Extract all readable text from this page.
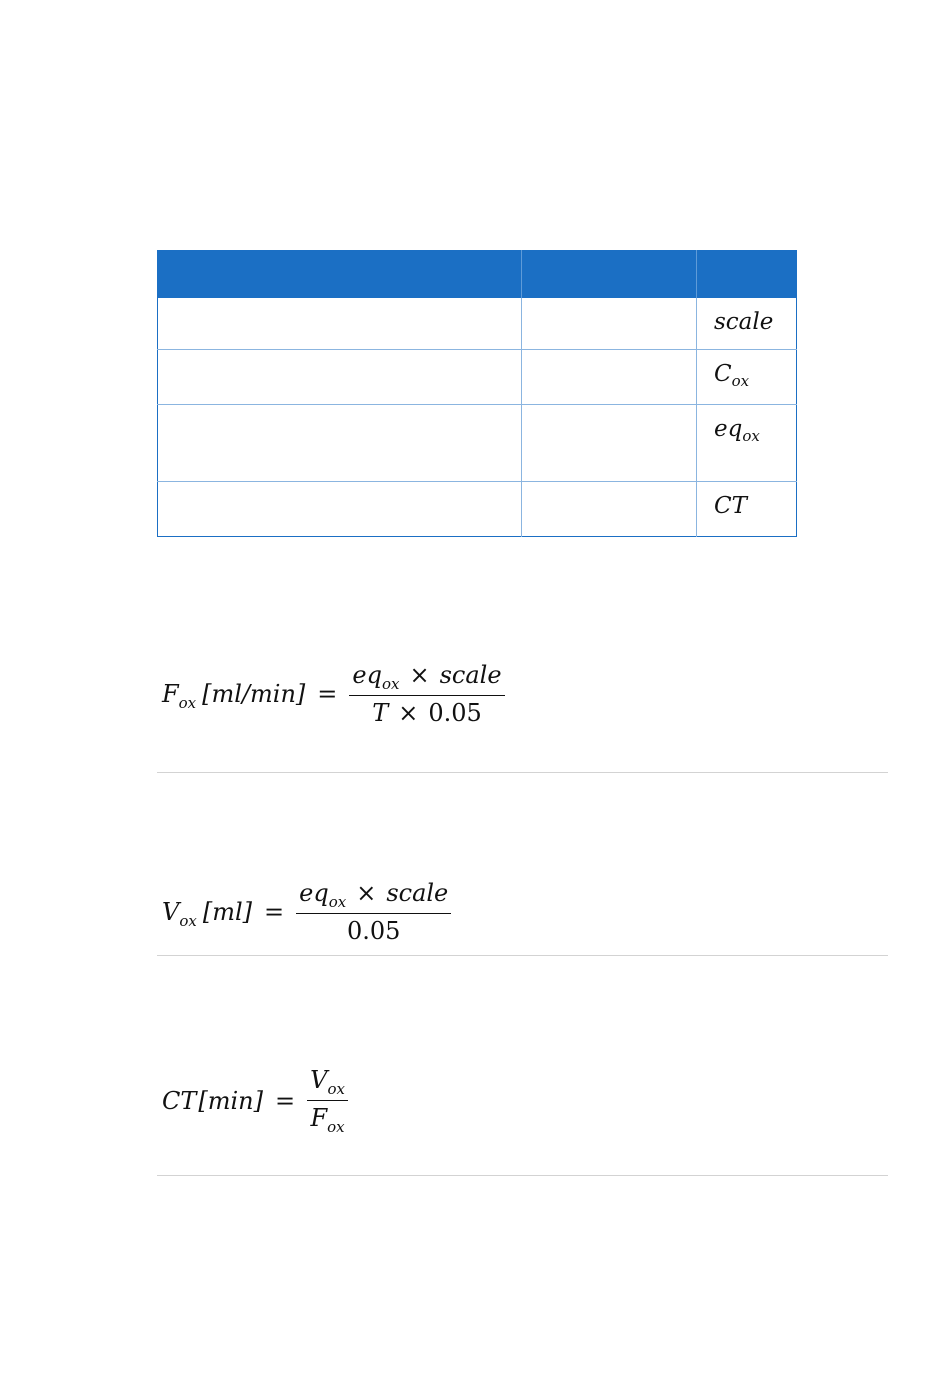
		scale
		$C_{ox}$
		$eq_{ox}$
		CT
F ox $[ml/\min] = \frac{eq_{ox} \times scale}{T \times 0.05}$
V ox $[ml] = \frac{eq_{ox} \times scale}{0.05}$
CT $[\min] = \frac{V_{ox}}{F_{ox}}$
